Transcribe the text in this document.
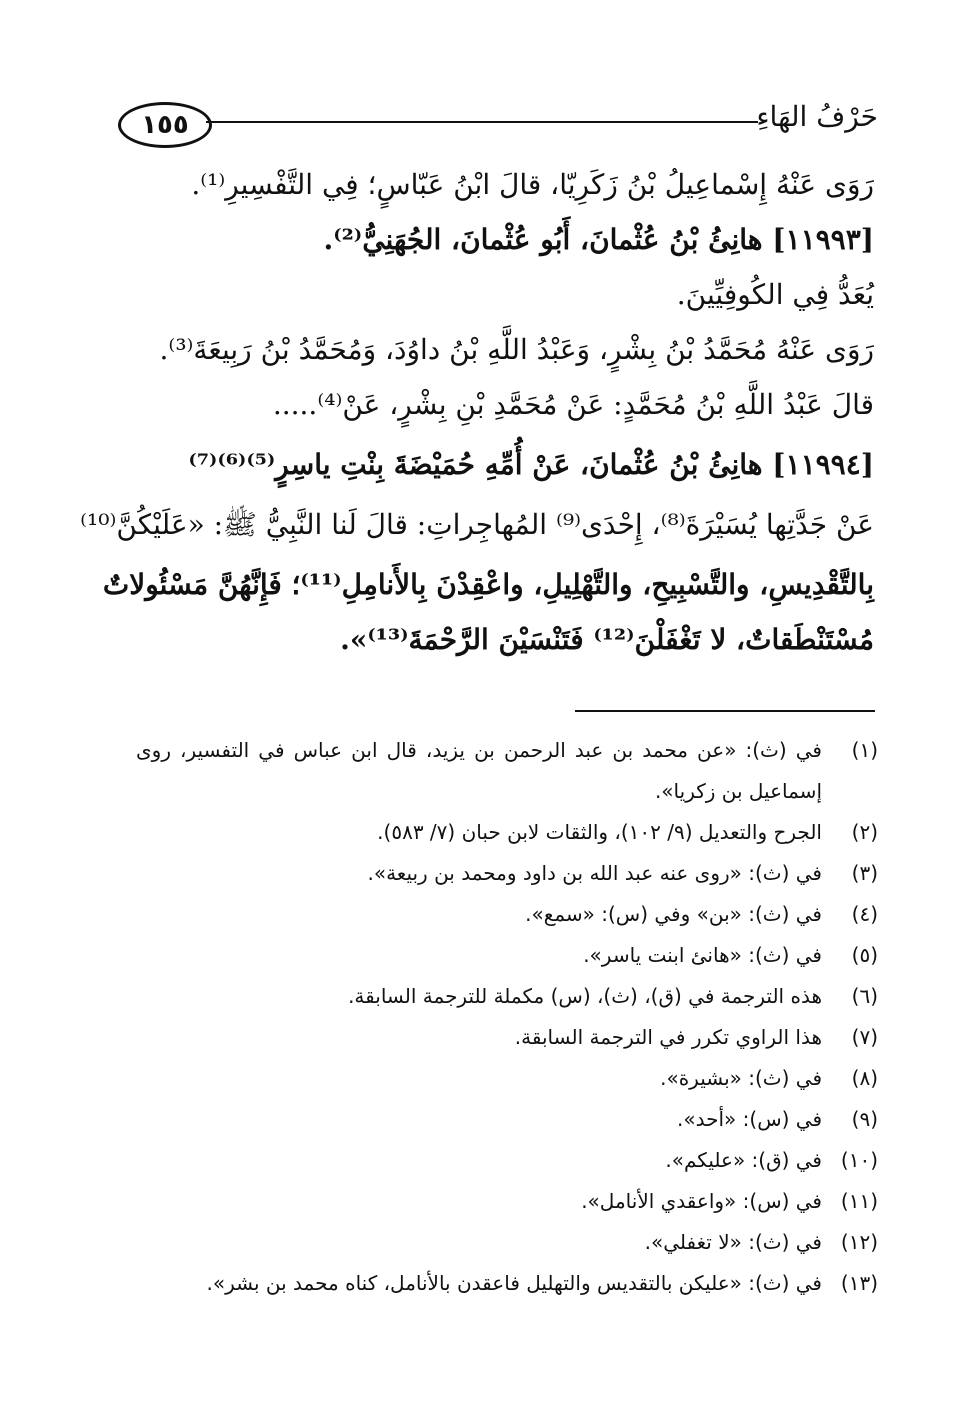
١٥٥	حَرْفُ الهَاءِ
رَوَى عَنْهُ إِسْماعِيلُ بْنُ زَكَرِيّا، قالَ ابْنُ عَبّاسٍ؛ فِي التَّفْسِيرِ⁽¹⁾.
[١١٩٩٣] هانِئُ بْنُ عُثْمانَ، أَبُو عُثْمانَ، الجُهَنِيُّ⁽²⁾.
يُعَدُّ فِي الكُوفِيِّينَ.
رَوَى عَنْهُ مُحَمَّدُ بْنُ بِشْرٍ، وَعَبْدُ اللَّهِ بْنُ داوُدَ، وَمُحَمَّدُ بْنُ رَبِيعَةَ⁽³⁾.
قالَ عَبْدُ اللَّهِ بْنُ مُحَمَّدٍ: عَنْ مُحَمَّدِ بْنِ بِشْرٍ، عَنْ⁽⁴⁾.....
[١١٩٩٤] هانِئُ بْنُ عُثْمانَ، عَنْ أُمِّهِ حُمَيْضَةَ بِنْتِ ياسِرٍ⁽⁵⁾⁽⁶⁾⁽⁷⁾
عَنْ جَدَّتِها يُسَيْرَةَ⁽⁸⁾، إِحْدَى⁽⁹⁾ المُهاجِراتِ: قالَ لَنا النَّبِيُّ ﷺ: «عَلَيْكُنَّ⁽¹⁰⁾
بِالتَّقْدِيسِ، والتَّسْبِيحِ، والتَّهْلِيلِ، واعْقِدْنَ بِالأَنامِلِ⁽¹¹⁾؛ فَإِنَّهُنَّ مَسْئُولاتٌ
مُسْتَنْطَقاتٌ، لا تَغْفَلْنَ⁽¹²⁾ فَتَنْسَيْنَ الرَّحْمَةَ⁽¹³⁾».
(١)
في (ث): «عن محمد بن عبد الرحمن بن يزيد، قال ابن عباس في التفسير، روى إسماعيل بن زكريا».
(٢)
الجرح والتعديل (٩/ ١٠٢)، والثقات لابن حبان (٧/ ٥٨٣).
(٣)
في (ث): «روى عنه عبد الله بن داود ومحمد بن ربيعة».
(٤)
في (ث): «بن» وفي (س): «سمع».
(٥)
في (ث): «هانئ ابنت ياسر».
(٦)
هذه الترجمة في (ق)، (ث)، (س) مكملة للترجمة السابقة.
(٧)
هذا الراوي تكرر في الترجمة السابقة.
(٨)
في (ث): «بشيرة».
(٩)
في (س): «أحد».
(١٠)
في (ق): «عليكم».
(١١)
في (س): «واعقدي الأنامل».
(١٢)
في (ث): «لا تغفلي».
(١٣)
في (ث): «عليكن بالتقديس والتهليل فاعقدن بالأنامل، كناه محمد بن بشر».
